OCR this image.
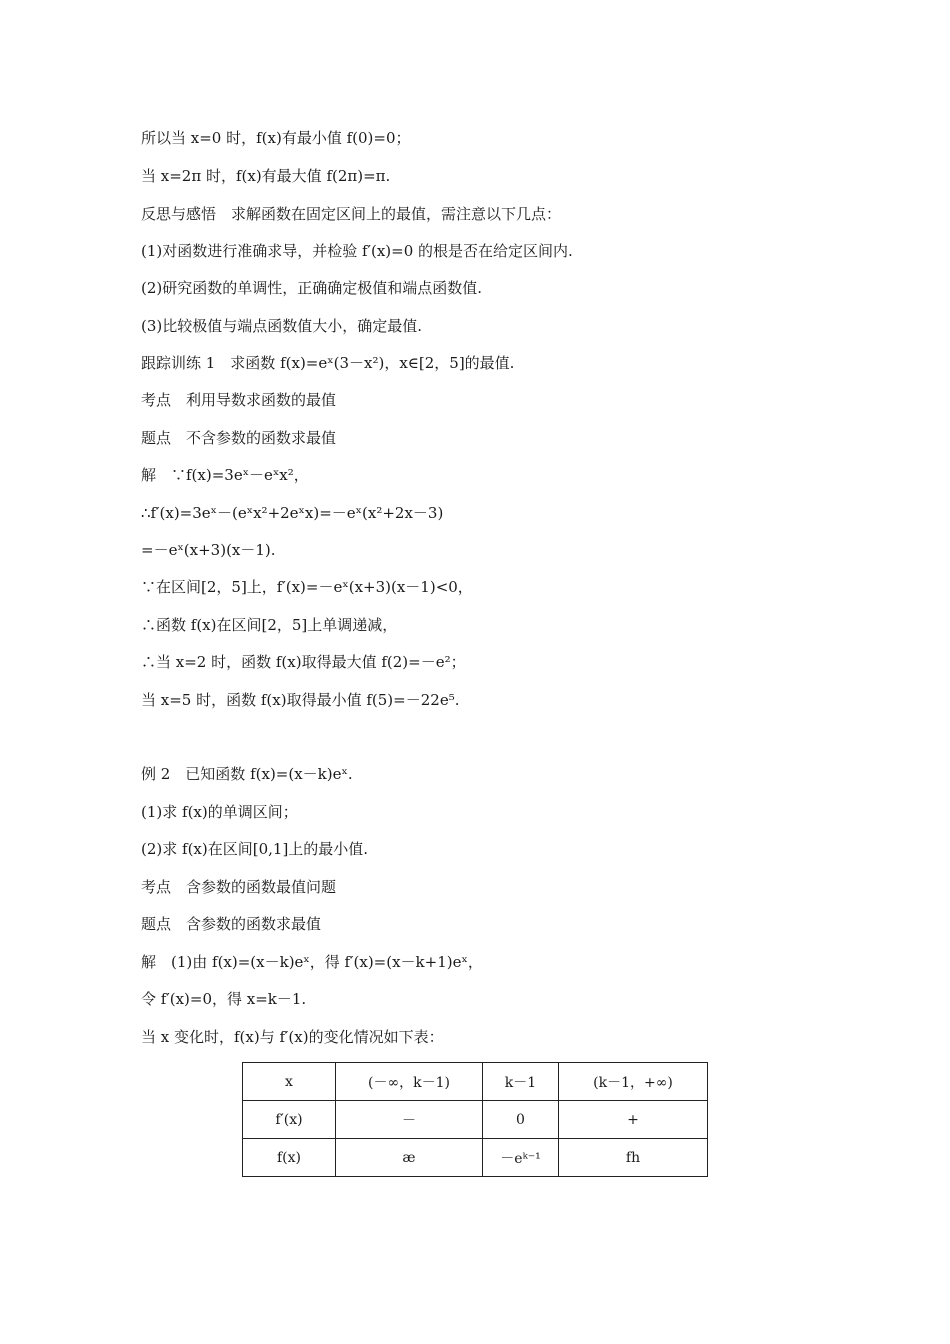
所以当 x=0 时，f(x)有最小值 f(0)=0；
当 x=2π 时，f(x)有最大值 f(2π)=π.
反思与感悟　求解函数在固定区间上的最值，需注意以下几点：
(1)对函数进行准确求导，并检验 f′(x)=0 的根是否在给定区间内.
(2)研究函数的单调性，正确确定极值和端点函数值.
(3)比较极值与端点函数值大小，确定最值.
跟踪训练 1　求函数 f(x)=eˣ(3－x²)，x∈[2，5]的最值.
考点　利用导数求函数的最值
题点　不含参数的函数求最值
解　∵f(x)=3eˣ－eˣx²，
∴f′(x)=3eˣ－(eˣx²+2eˣx)=－eˣ(x²+2x－3)
=－eˣ(x+3)(x－1).
∵在区间[2，5]上，f′(x)=－eˣ(x+3)(x－1)<0，
∴函数 f(x)在区间[2，5]上单调递减，
∴当 x=2 时，函数 f(x)取得最大值 f(2)=－e²；
当 x=5 时，函数 f(x)取得最小值 f(5)=－22e⁵.
例 2　已知函数 f(x)=(x－k)eˣ.
(1)求 f(x)的单调区间；
(2)求 f(x)在区间[0,1]上的最小值.
考点　含参数的函数最值问题
题点　含参数的函数求最值
解　(1)由 f(x)=(x－k)eˣ，得 f′(x)=(x－k+1)eˣ，
令 f′(x)=0，得 x=k－1.
当 x 变化时，f(x)与 f′(x)的变化情况如下表：
x	(－∞，k－1)	k－1	(k－1，+∞)
f′(x)	－	0	+
f(x)	æ	－eᵏ⁻¹	fh
